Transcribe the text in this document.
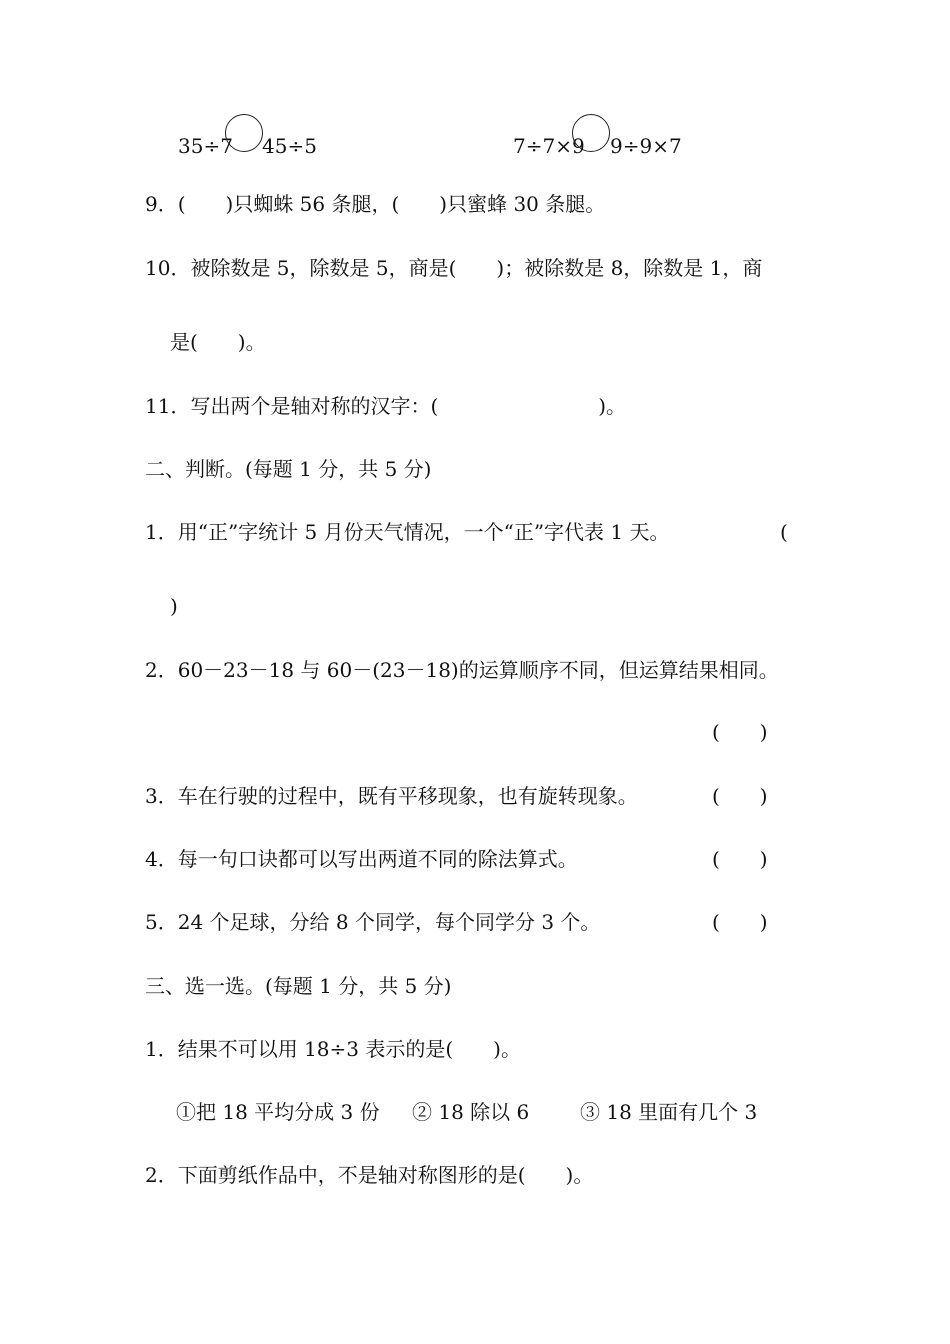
35÷7 45÷5	7÷7×9 9÷9×7
9．(　　)只蜘蛛 56 条腿，(　　)只蜜蜂 30 条腿。
10．被除数是 5，除数是 5，商是(　　)；被除数是 8，除数是 1，商
是(　　)。
11．写出两个是轴对称的汉字：(　　　　　　　　)。
二、判断。(每题 1 分，共 5 分)
1．用“正”字统计 5 月份天气情况，一个“正”字代表 1 天。	(
)
2．60－23－18 与 60－(23－18)的运算顺序不同，但运算结果相同。
(　　)
3．车在行驶的过程中，既有平移现象，也有旋转现象。	(　　)
4．每一句口诀都可以写出两道不同的除法算式。	(　　)
5．24 个足球，分给 8 个同学，每个同学分 3 个。	(　　)
三、选一选。(每题 1 分，共 5 分)
1．结果不可以用 18÷3 表示的是(　　)。
①把 18 平均分成 3 份 ② 18 除以 6	③ 18 里面有几个 3
2．下面剪纸作品中，不是轴对称图形的是(　　)。
